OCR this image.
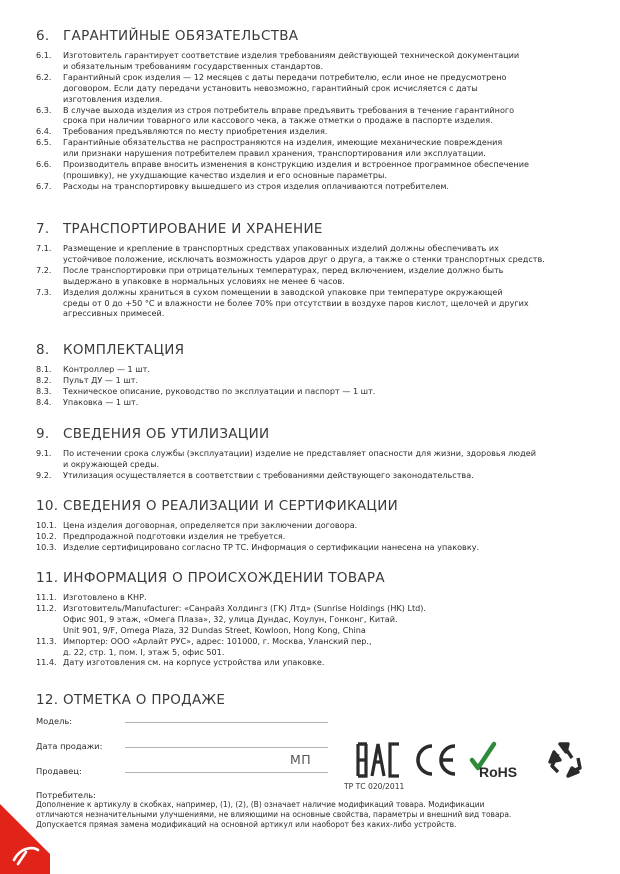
6.	ГАРАНТИЙНЫЕ ОБЯЗАТЕЛЬСТВА
6.1.	Изготовитель гарантирует соответствие изделия требованиям действующей технической документации
и обязательным требованиям государственных стандартов.
6.2.	Гарантийный срок изделия — 12 месяцев с даты передачи потребителю, если иное не предусмотрено
договором. Если дату передачи установить невозможно, гарантийный срок исчисляется с даты
изготовления изделия.
6.3.	В случае выхода изделия из строя потребитель вправе предъявить требования в течение гарантийного
срока при наличии товарного или кассового чека, а также отметки о продаже в паспорте изделия.
6.4.	Требования предъявляются по месту приобретения изделия.
6.5.	Гарантийные обязательства не распространяются на изделия, имеющие механические повреждения
или признаки нарушения потребителем правил хранения, транспортирования или эксплуатации.
6.6.	Производитель вправе вносить изменения в конструкцию изделия и встроенное программное обеспечение
(прошивку), не ухудшающие качество изделия и его основные параметры.
6.7.	Расходы на транспортировку вышедшего из строя изделия оплачиваются потребителем.
7.	ТРАНСПОРТИРОВАНИЕ И ХРАНЕНИЕ
7.1.	Размещение и крепление в транспортных средствах упакованных изделий должны обеспечивать их
устойчивое положение, исключать возможность ударов друг о друга, а также о стенки транспортных средств.
7.2.	После транспортировки при отрицательных температурах, перед включением, изделие должно быть
выдержано в упаковке в нормальных условиях не менее 6 часов.
7.3.	Изделия должны храниться в сухом помещении в заводской упаковке при температуре окружающей
среды от 0 до +50 °С и влажности не более 70% при отсутствии в воздухе паров кислот, щелочей и других
агрессивных примесей.
8.	КОМПЛЕКТАЦИЯ
8.1.	Контроллер — 1 шт.
8.2.	Пульт ДУ — 1 шт.
8.3.	Техническое описание, руководство по эксплуатации и паспорт — 1 шт.
8.4.	Упаковка — 1 шт.
9.	СВЕДЕНИЯ ОБ УТИЛИЗАЦИИ
9.1.	По истечении срока службы (эксплуатации) изделие не представляет опасности для жизни, здоровья людей
и окружающей среды.
9.2.	Утилизация осуществляется в соответствии с требованиями действующего законодательства.
10. СВЕДЕНИЯ О РЕАЛИЗАЦИИ И СЕРТИФИКАЦИИ
10.1. Цена изделия договорная, определяется при заключении договора.
10.2. Предпродажной подготовки изделия не требуется.
10.3. Изделие сертифицировано согласно ТР ТС. Информация о сертификации нанесена на упаковку.
11. ИНФОРМАЦИЯ О ПРОИСХОЖДЕНИИ ТОВАРА
11.1. Изготовлено в КНР.
11.2. Изготовитель/Manufacturer: «Санрайз Холдингз (ГК) Лтд» (Sunrise Holdings (HK) Ltd).
Офис 901, 9 этаж, «Омега Плаза», 32, улица Дундас, Коулун, Гонконг, Китай.
Unit 901, 9/F, Omega Plaza, 32 Dundas Street, Kowloon, Hong Kong, China
11.3. Импортер: ООО «Арлайт РУС», адрес: 101000, г. Москва, Уланский пер.,
д. 22, стр. 1, пом. I, этаж 5, офис 501.
11.4. Дату изготовления см. на корпусе устройства или упаковке.
12. ОТМЕТКА О ПРОДАЖЕ
Модель:
Дата продажи:
Продавец:
Потребитель:
МП
RoHS
ТР ТС 020/2011
Дополнение к артикулу в скобках, например, (1), (2), (B) означает наличие модификаций товара. Модификации
отличаются незначительными улучшениями, не влияющими на основные свойства, параметры и внешний вид товара.
Допускается прямая замена модификаций на основной артикул или наоборот без каких-либо устройств.
